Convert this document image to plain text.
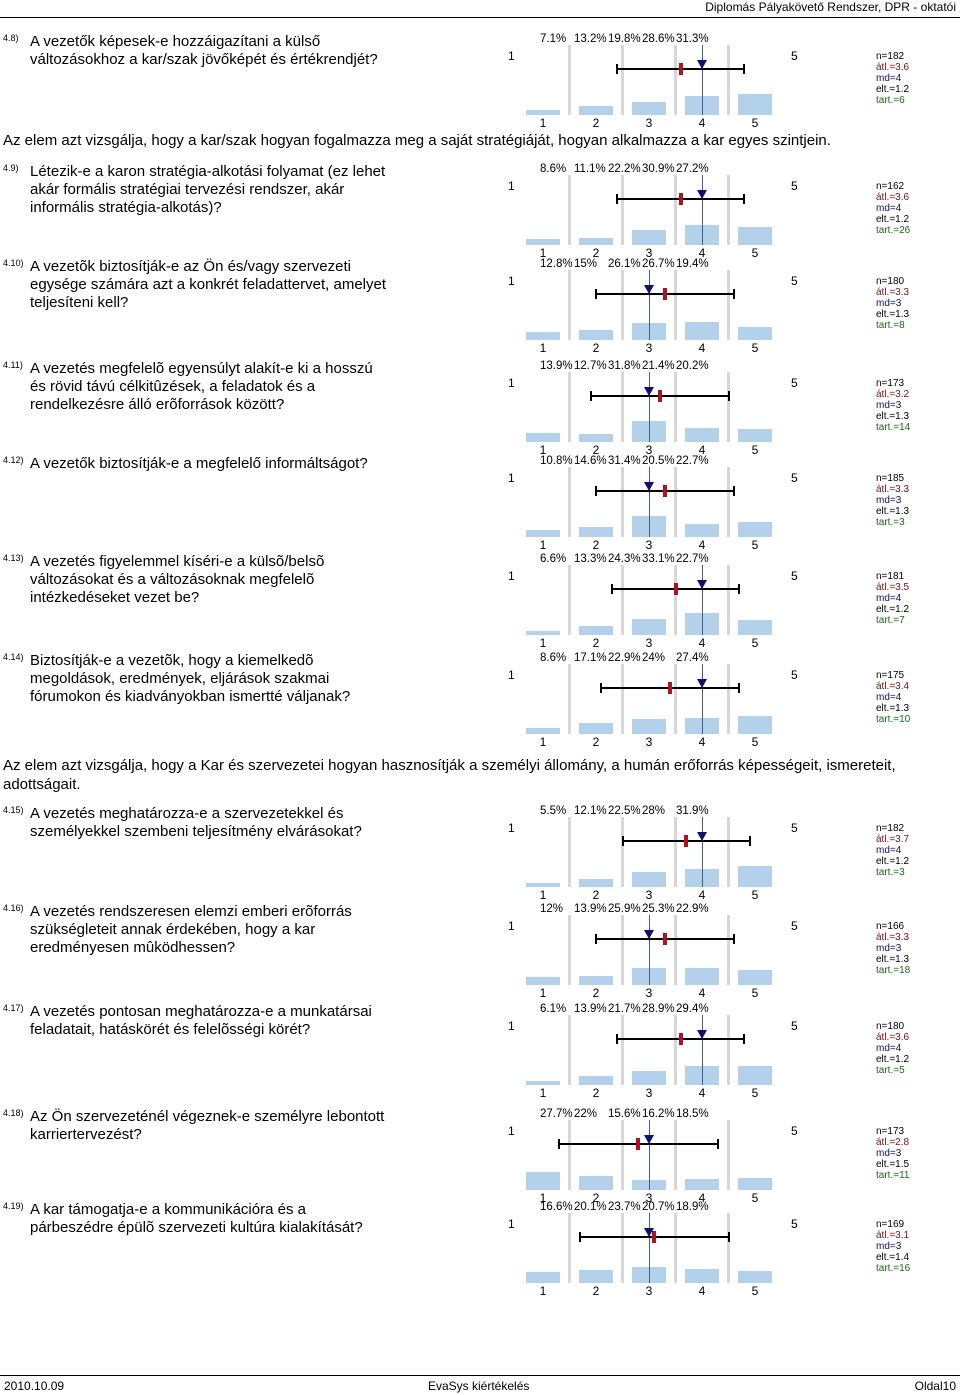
Diplomás Pályakövető Rendszer, DPR - oktatói
Az elem azt vizsgálja, hogy a kar/szak hogyan fogalmazza meg a saját stratégiáját, hogyan alkalmazza a kar egyes szintjein.
Az elem azt vizsgálja, hogy a Kar és szervezetei hogyan hasznosítják a személyi állomány, a humán erőforrás képességeit, ismereteit, adottságait.
4.8) A vezetők képesek-e hozzáigazítani a külső változásokhoz a kar/szak jövőképét és értékrendjét?
7.1% 13.2%19.8%28.6%31.3%
1	5
1	2	3	4	5
n=182
átl.=3.6
md=4
elt.=1.2
tart.=6
4.9) Létezik-e a karon stratégia-alkotási folyamat (ez lehet akár formális stratégiai tervezési rendszer, akár informális stratégia-alkotás)?
8.6% 11.1% 22.2%30.9%27.2%
1	5
1	2	3	4	5
n=162
átl.=3.6
md=4
elt.=1.2
tart.=26
4.10) A vezetõk biztosítják-e az Ön és/vagy szervezeti egysége számára azt a konkrét feladattervet, amelyet teljesíteni kell?
12.8%15% 26.1%26.7%19.4%
1	5
1	2	3	4	5
n=180
átl.=3.3
md=3
elt.=1.3
tart.=8
4.11) A vezetés megfelelõ egyensúlyt alakít-e ki a hosszú és rövid távú célkitûzések, a feladatok és a rendelkezésre álló erõforrások között?
13.9%12.7%31.8%21.4%20.2%
1	5
1	2	3	4	5
n=173
átl.=3.2
md=3
elt.=1.3
tart.=14
4.12) A vezetők biztosítják-e a megfelelő informáltságot?	10.8%14.6%31.4%20.5%22.7%
1	5
1	2	3	4	5
n=185
átl.=3.3
md=3
elt.=1.3
tart.=3
4.13) A vezetés figyelemmel kíséri-e a külsõ/belsõ változásokat és a változásoknak megfelelõ intézkedéseket vezet be?
6.6% 13.3%24.3%33.1%22.7%
1	5
1	2	3	4	5
n=181
átl.=3.5
md=4
elt.=1.2
tart.=7
4.14) Biztosítják-e a vezetõk, hogy a kiemelkedõ megoldások, eredmények, eljárások szakmai fórumokon és kiadványokban ismertté váljanak?
8.6% 17.1%22.9%24% 27.4%
1	5
1	2	3	4	5
n=175
átl.=3.4
md=4
elt.=1.3
tart.=10
4.15) A vezetés meghatározza-e a szervezetekkel és személyekkel szembeni teljesítmény elvárásokat?
5.5% 12.1%22.5%28% 31.9%
1	5
1	2	3	4	5
n=182
átl.=3.7
md=4
elt.=1.2
tart.=3
4.16) A vezetés rendszeresen elemzi emberi erõforrás szükségleteit annak érdekében, hogy a kar eredményesen mûködhessen?
12% 13.9%25.9%25.3%22.9%
1	5
1	2	3	4	5
n=166
átl.=3.3
md=3
elt.=1.3
tart.=18
4.17) A vezetés pontosan meghatározza-e a munkatársai feladatait, hatáskörét és felelõsségi körét?
6.1% 13.9%21.7%28.9%29.4%
1	5
1	2	3	4	5
n=180
átl.=3.6
md=4
elt.=1.2
tart.=5
4.18) Az Ön szervezeténél végeznek-e személyre lebontott karriertervezést?
27.7%22% 15.6%16.2%18.5%
1	5
1	2	3	4	5
n=173
átl.=2.8
md=3
elt.=1.5
tart.=11
4.19) A kar támogatja-e a kommunikációra és a párbeszédre épülõ szervezeti kultúra kialakítását?
16.6%20.1%23.7%20.7%18.9%
1	5
1	2	3	4	5
n=169
átl.=3.1
md=3
elt.=1.4
tart.=16
2010.10.09	EvaSys kiértékelés	Oldal10
